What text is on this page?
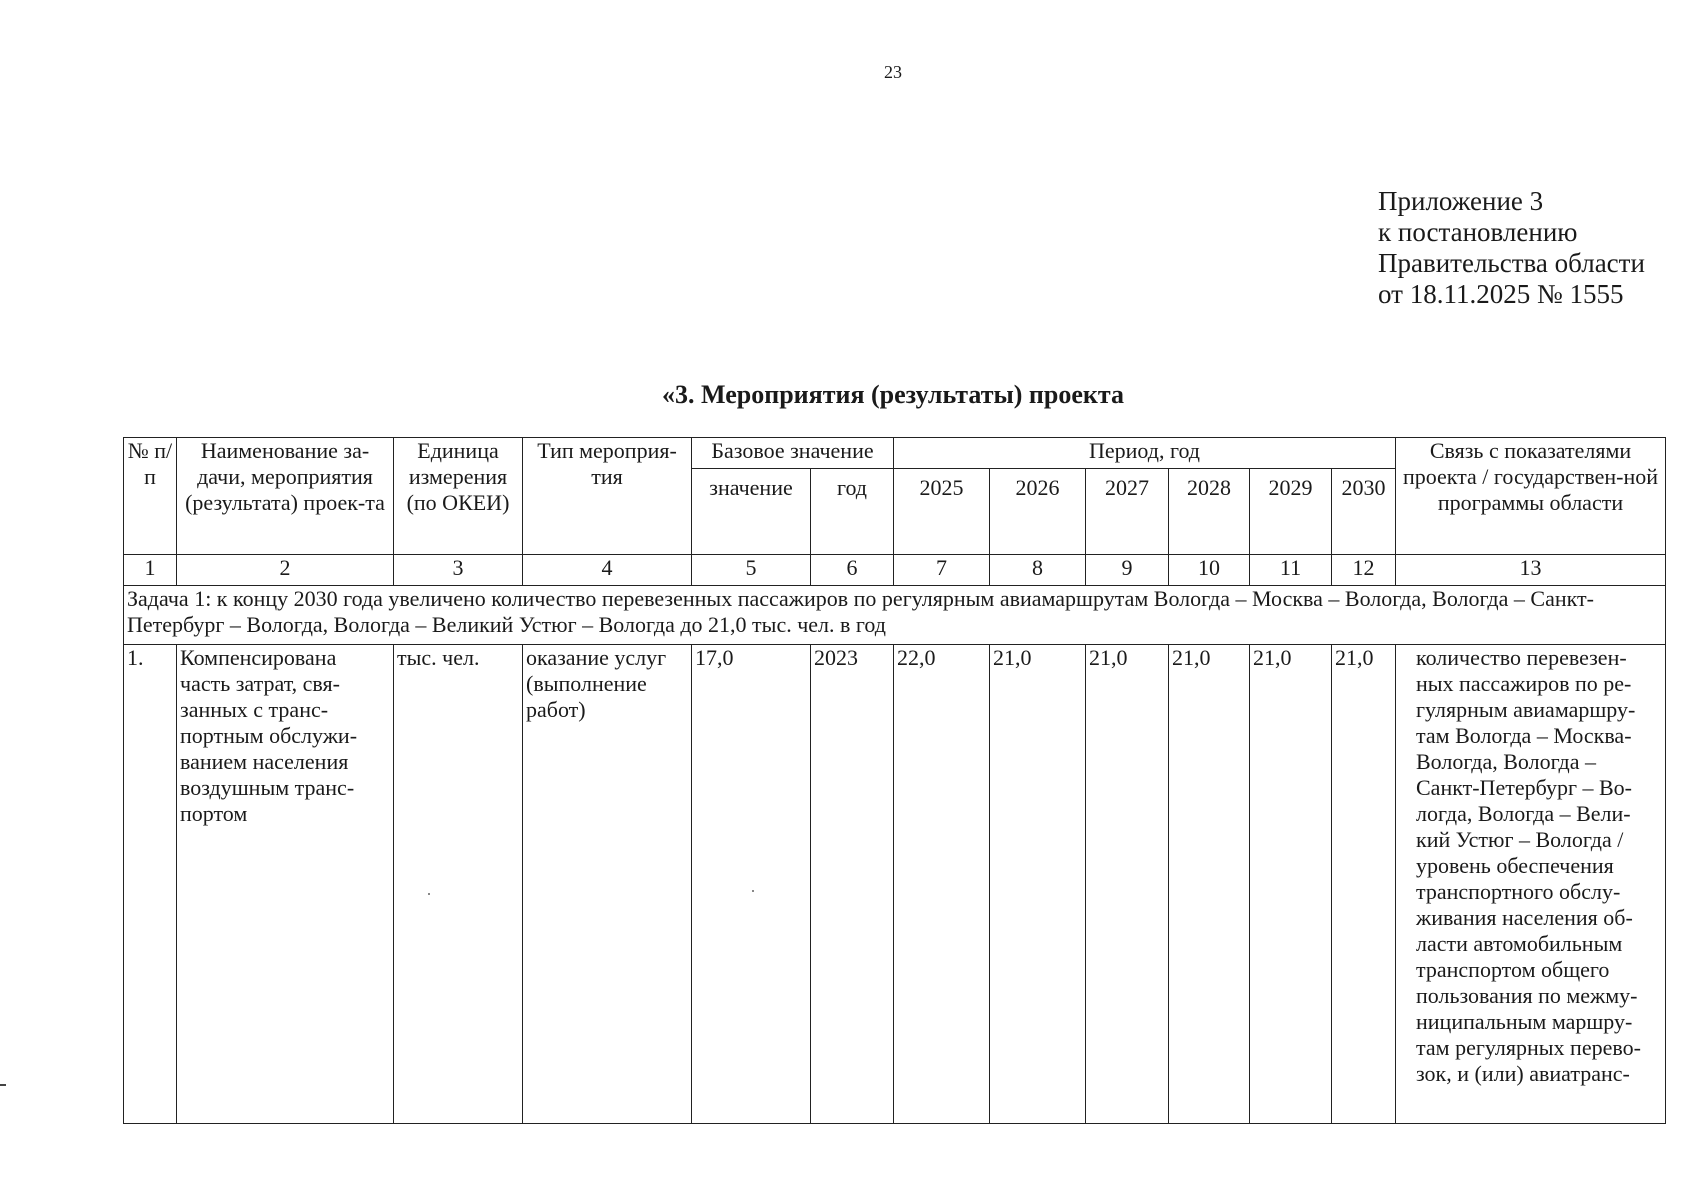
23
Приложение 3
к постановлению
Правительства области
от 18.11.2025 № 1555
«3. Мероприятия (результаты) проекта
№ п/п	Наименование за-дачи, мероприятия (результата) проек-та	Единица измерения (по ОКЕИ)	Тип мероприя-тия	Базовое значение		Период, год						Связь с показателями проекта / государствен-ной программы области
				значение	год	2025	2026	2027	2028	2029	2030	
1	2	3	4	5	6	7	8	9	10	11	12	13
Задача 1: к концу 2030 года увеличено количество перевезенных пассажиров по регулярным авиамаршрутам Вологда – Москва – Вологда, Вологда – Санкт-Петербург – Вологда, Вологда – Великий Устюг – Вологда до 21,0 тыс. чел. в год												
1.	Компенсирована часть затрат, свя-занных с транс-портным обслужи-ванием населения воздушным транс-портом	тыс. чел.	оказание услуг (выполнение работ)	17,0	2023	22,0	21,0	21,0	21,0	21,0	21,0	количество перевезен-ных пассажиров по ре-гулярным авиамаршру-там Вологда – Москва-Вологда, Вологда – Санкт-Петербург – Во-логда, Вологда – Вели-кий Устюг – Вологда / уровень обеспечения транспортного обслу-живания населения об-ласти автомобильным транспортом общего пользования по межму-ниципальным маршру-там регулярных перево-зок, и (или) авиатранс-
